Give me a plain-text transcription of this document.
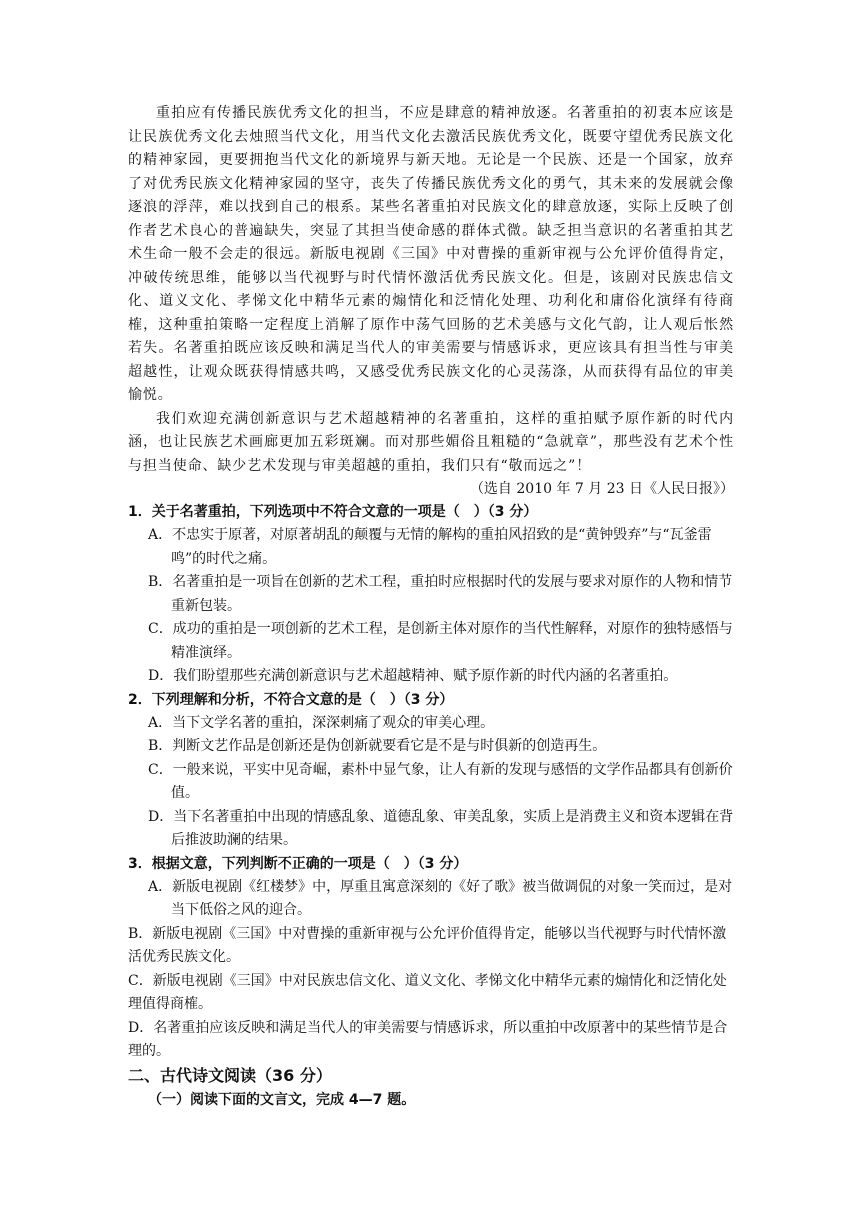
重拍应有传播民族优秀文化的担当，不应是肆意的精神放逐。名著重拍的初衷本应该是让民族优秀文化去烛照当代文化，用当代文化去激活民族优秀文化，既要守望优秀民族文化的精神家园，更要拥抱当代文化的新境界与新天地。无论是一个民族、还是一个国家，放弃了对优秀民族文化精神家园的坚守，丧失了传播民族优秀文化的勇气，其未来的发展就会像逐浪的浮萍，难以找到自己的根系。某些名著重拍对民族文化的肆意放逐，实际上反映了创作者艺术良心的普遍缺失，突显了其担当使命感的群体式微。缺乏担当意识的名著重拍其艺术生命一般不会走的很远。新版电视剧《三国》中对曹操的重新审视与公允评价值得肯定，冲破传统思维，能够以当代视野与时代情怀激活优秀民族文化。但是，该剧对民族忠信文化、道义文化、孝悌文化中精华元素的煽情化和泛情化处理、功利化和庸俗化演绎有待商榷，这种重拍策略一定程度上消解了原作中荡气回肠的艺术美感与文化气韵，让人观后怅然若失。名著重拍既应该反映和满足当代人的审美需要与情感诉求，更应该具有担当性与审美超越性，让观众既获得情感共鸣，又感受优秀民族文化的心灵荡涤，从而获得有品位的审美愉悦。

我们欢迎充满创新意识与艺术超越精神的名著重拍，这样的重拍赋予原作新的时代内涵，也让民族艺术画廊更加五彩斑斓。而对那些媚俗且粗糙的“急就章”，那些没有艺术个性与担当使命、缺少艺术发现与审美超越的重拍，我们只有“敬而远之”！

（选自 2010 年 7 月 23 日《人民日报》）

1．关于名著重拍，下列选项中不符合文意的一项是（　）（3 分）

A．不忠实于原著，对原著胡乱的颠覆与无情的解构的重拍风招致的是“黄钟毁弃”与“瓦釜雷鸣”的时代之痛。

B．名著重拍是一项旨在创新的艺术工程，重拍时应根据时代的发展与要求对原作的人物和情节重新包装。

C．成功的重拍是一项创新的艺术工程，是创新主体对原作的当代性解释，对原作的独特感悟与精准演绎。

D．我们盼望那些充满创新意识与艺术超越精神、赋予原作新的时代内涵的名著重拍。

2．下列理解和分析，不符合文意的是（　）（3 分）

A．当下文学名著的重拍，深深刺痛了观众的审美心理。

B．判断文艺作品是创新还是伪创新就要看它是不是与时俱新的创造再生。

C．一般来说，平实中见奇崛，素朴中显气象，让人有新的发现与感悟的文学作品都具有创新价值。

D．当下名著重拍中出现的情感乱象、道德乱象、审美乱象，实质上是消费主义和资本逻辑在背后推波助澜的结果。

3．根据文意，下列判断不正确的一项是（　）（3 分）

A．新版电视剧《红楼梦》中，厚重且寓意深刻的《好了歌》被当做调侃的对象一笑而过，是对当下低俗之风的迎合。

B．新版电视剧《三国》中对曹操的重新审视与公允评价值得肯定，能够以当代视野与时代情怀激活优秀民族文化。

C．新版电视剧《三国》中对民族忠信文化、道义文化、孝悌文化中精华元素的煽情化和泛情化处理值得商榷。

D．名著重拍应该反映和满足当代人的审美需要与情感诉求，所以重拍中改原著中的某些情节是合理的。

二、古代诗文阅读（36 分）

（一）阅读下面的文言文，完成 4—7 题。
